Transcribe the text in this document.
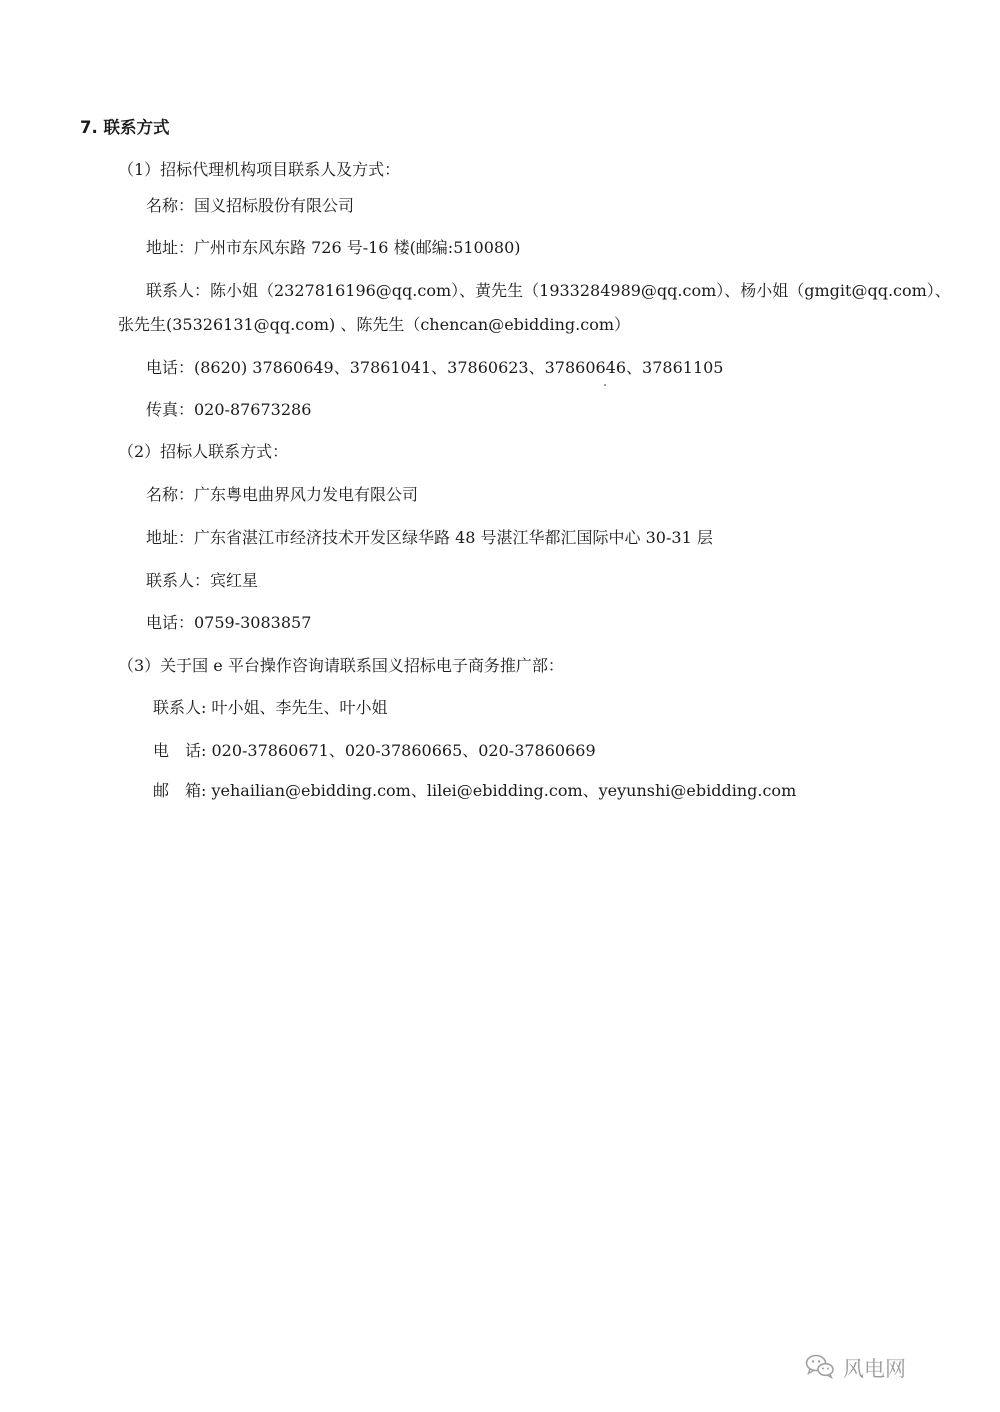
7. 联系方式
（1）招标代理机构项目联系人及方式：
名称：国义招标股份有限公司
地址：广州市东风东路 726 号-16 楼(邮编:510080)
联系人：陈小姐（2327816196@qq.com）、黄先生（1933284989@qq.com）、杨小姐（gmgit@qq.com）、
张先生(35326131@qq.com) 、陈先生（chencan@ebidding.com）
电话：(8620) 37860649、37861041、37860623、37860646、37861105
传真：020-87673286
（2）招标人联系方式：
名称：广东粤电曲界风力发电有限公司
地址：广东省湛江市经济技术开发区绿华路 48 号湛江华都汇国际中心 30-31 层
联系人：宾红星
电话：0759-3083857
（3）关于国 e 平台操作咨询请联系国义招标电子商务推广部：
联系人: 叶小姐、李先生、叶小姐
电　话: 020-37860671、020-37860665、020-37860669
邮　箱: yehailian@ebidding.com、lilei@ebidding.com、yeyunshi@ebidding.com
风电网
